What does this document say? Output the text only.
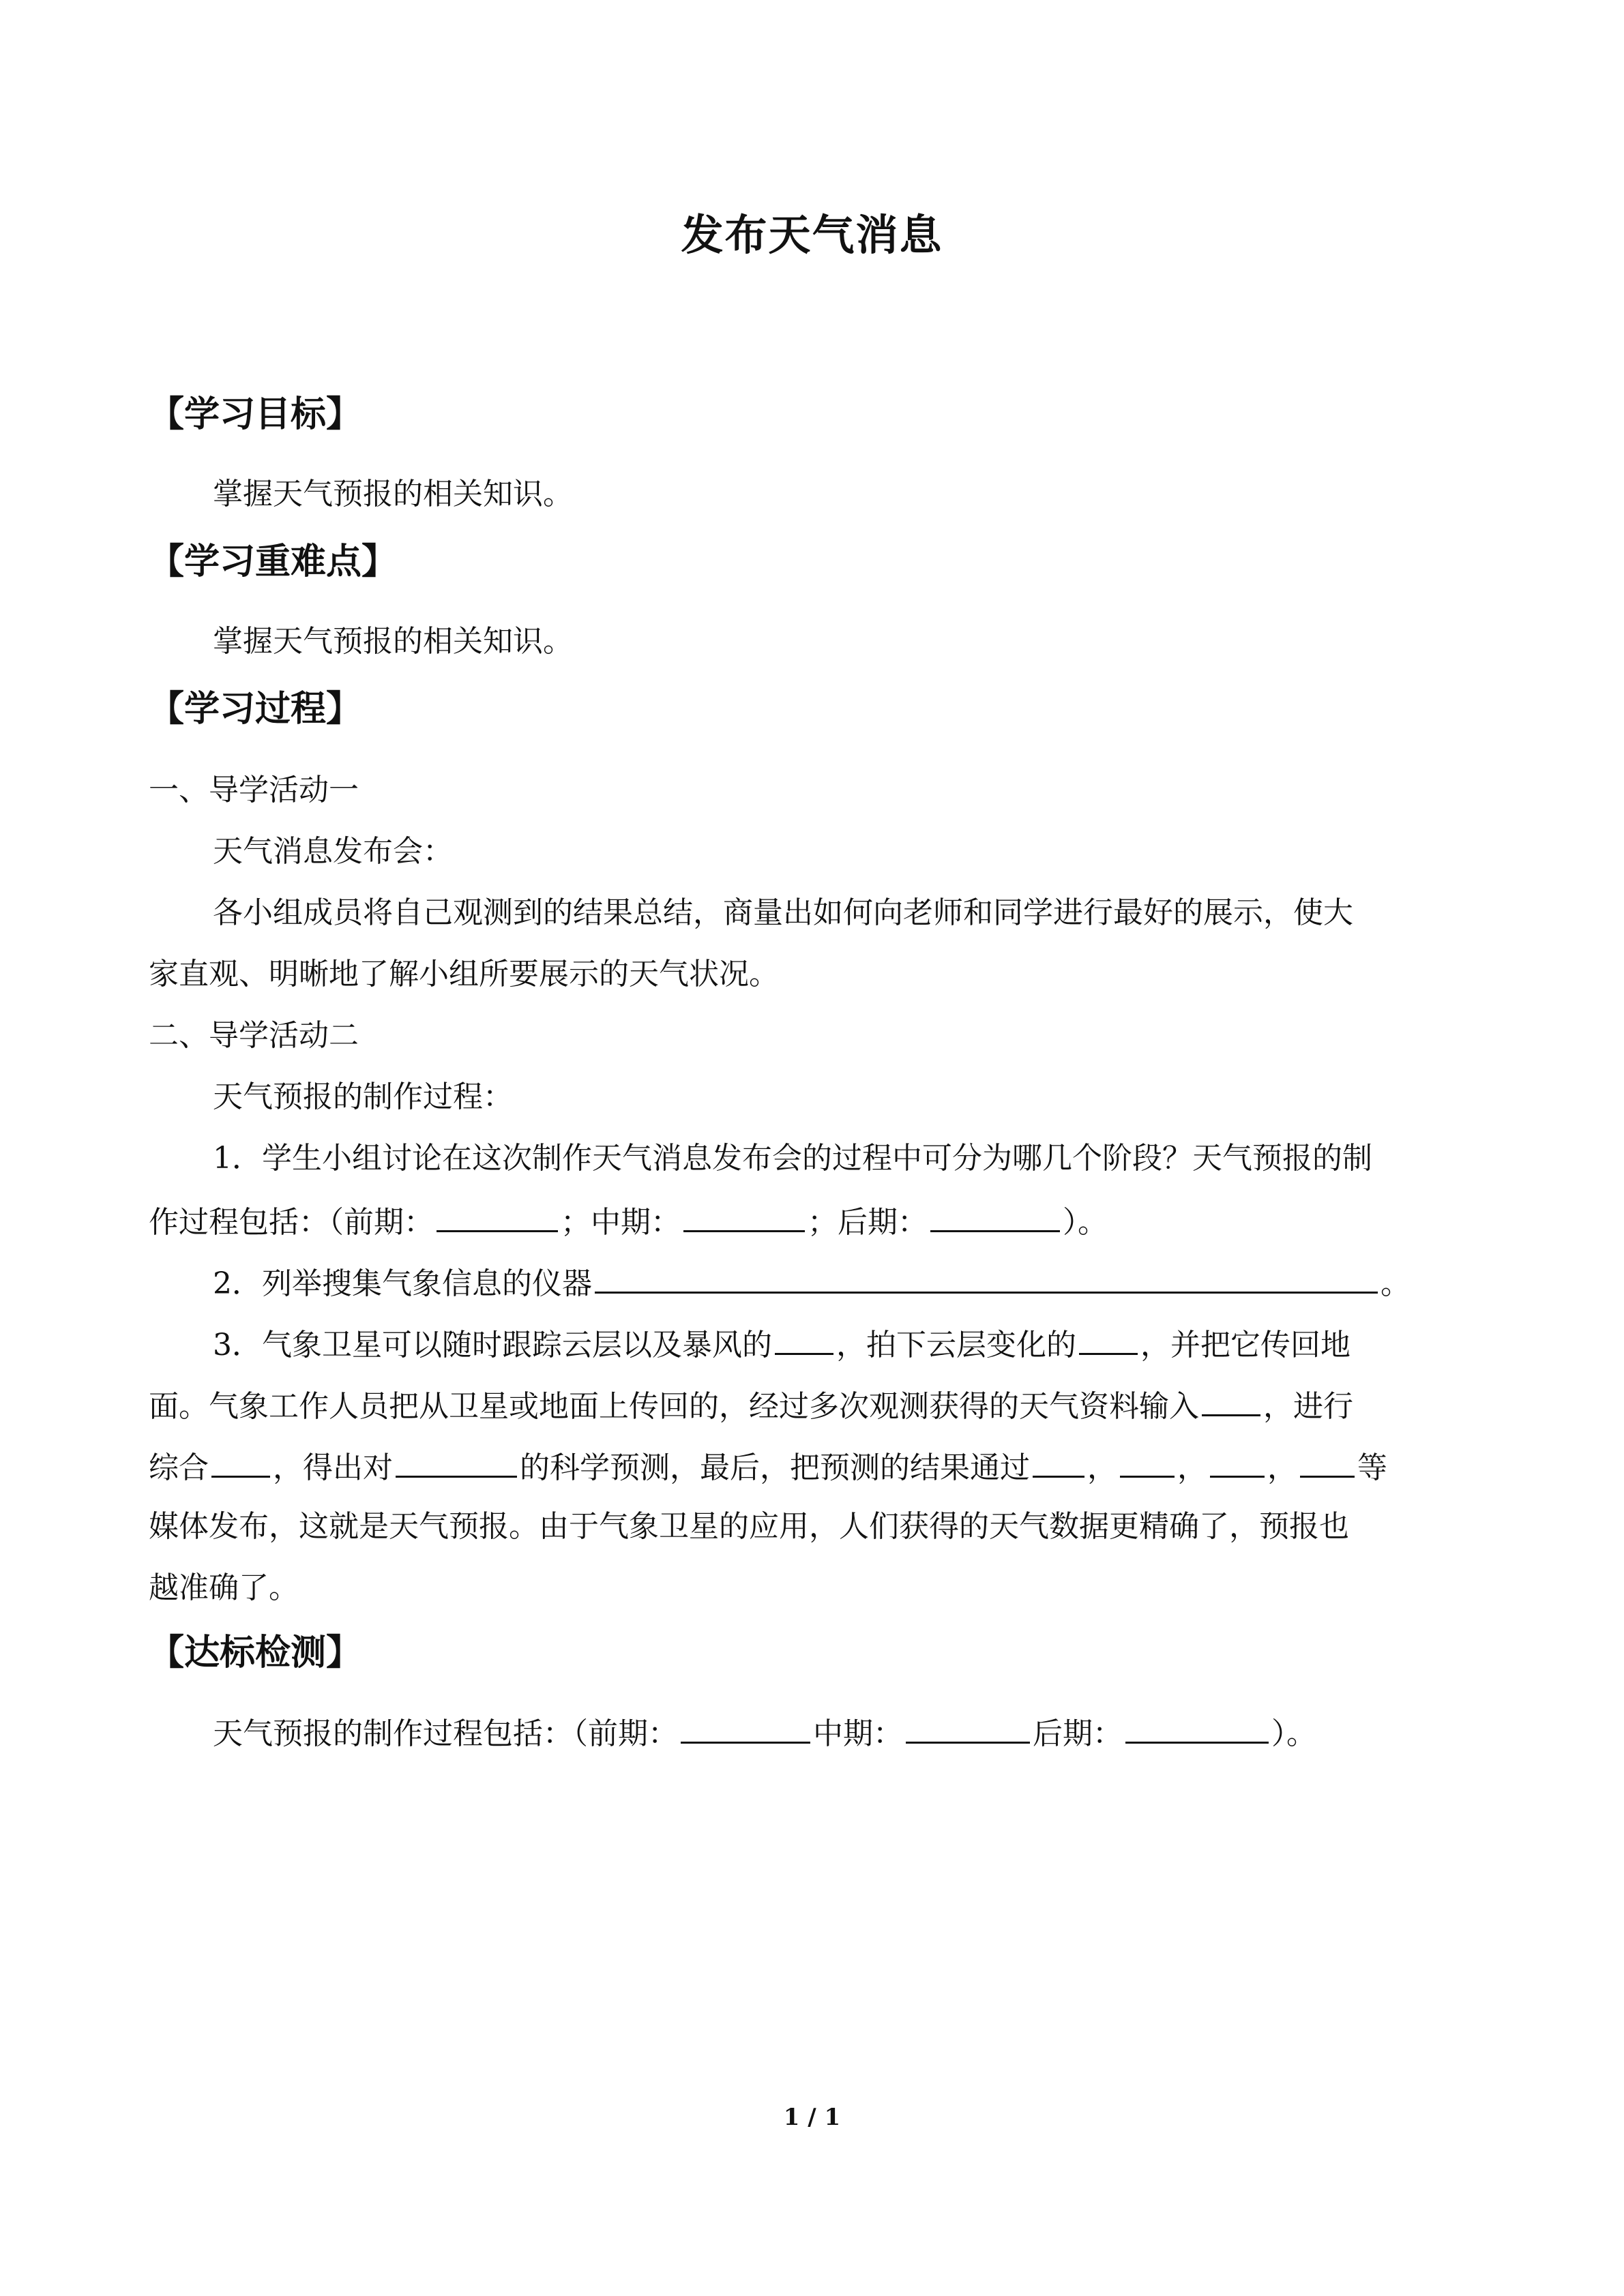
发布天气消息
【学习目标】
掌握天气预报的相关知识。
【学习重难点】
掌握天气预报的相关知识。
【学习过程】
一、导学活动一
天气消息发布会：
各小组成员将自己观测到的结果总结，商量出如何向老师和同学进行最好的展示，使大
家直观、明晰地了解小组所要展示的天气状况。
二、导学活动二
天气预报的制作过程：
1．学生小组讨论在这次制作天气消息发布会的过程中可分为哪几个阶段？天气预报的制
作过程包括：（前期：	；中期：	；后期：	）。
2．列举搜集气象信息的仪器	。
3．气象卫星可以随时跟踪云层以及暴风的 ，拍下云层变化的 ，并把它传回地
面。气象工作人员把从卫星或地面上传回的，经过多次观测获得的天气资料输入 ，进行
综合 ，得出对	的科学预测，最后，把预测的结果通过 ， ， ， 等
媒体发布，这就是天气预报。由于气象卫星的应用，人们获得的天气数据更精确了，预报也
越准确了。
【达标检测】
天气预报的制作过程包括：（前期：	中期：	后期：	）。
1 / 1
